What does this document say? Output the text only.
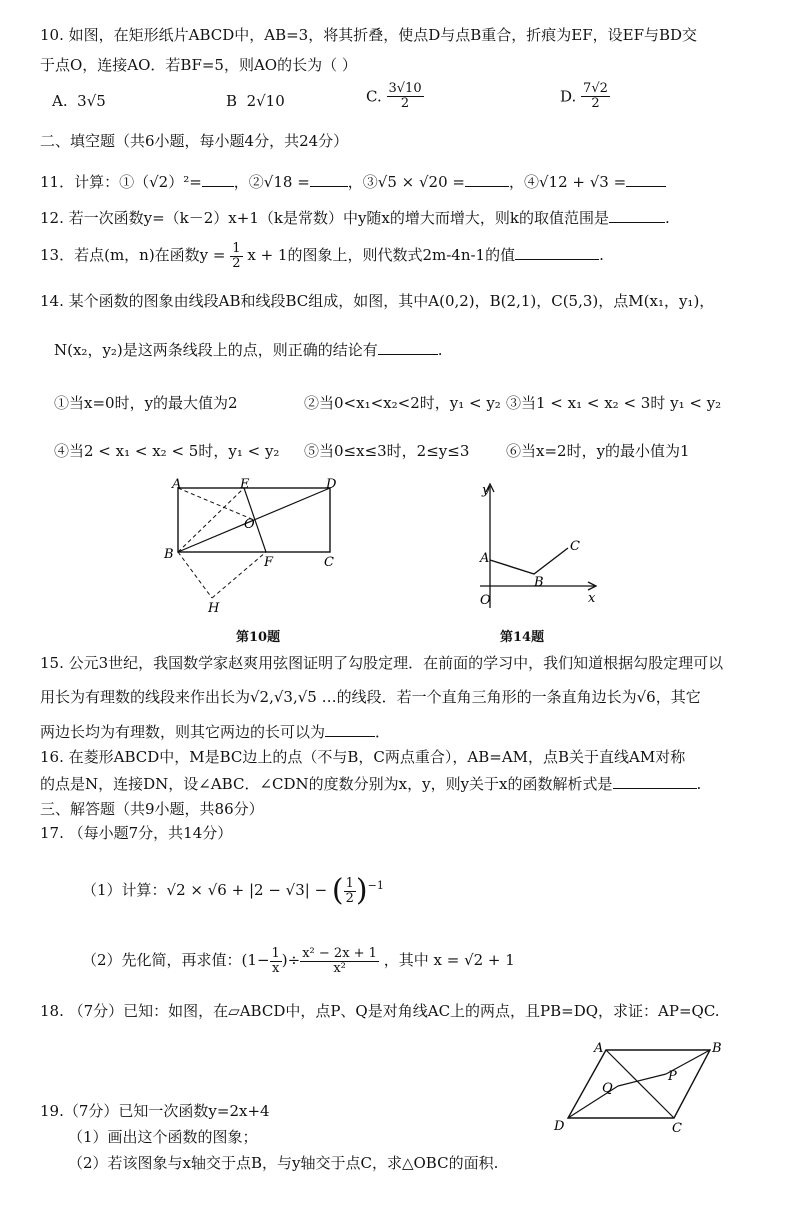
10. 如图，在矩形纸片ABCD中，AB=3，将其折叠，使点D与点B重合，折痕为EF，设EF与BD交
于点O，连接AO．若BF=5，则AO的长为（ ）
A. 3√5	B 2√10	C. $\frac{3√10}{2}$	D. $\frac{7√2}{2}$
二、填空题（共6小题，每小题4分，共24分）
11．计算：①（√2）²= ，②√18 =	，③√5 × √20 =	，④√12 + √3 =
12. 若一次函数y=（k－2）x+1（k是常数）中y随x的增大而增大，则k的取值范围是	.
13．若点(m，n)在函数$y = \frac{1}{2}$ x + 1的图象上，则代数式2m-4n-1的值	.
14. 某个函数的图象由线段AB和线段BC组成，如图，其中A(0,2)，B(2,1)，C(5,3)，点M(x₁，y₁)，
N(x₂，y₂)是这两条线段上的点，则正确的结论有	.
①当x=0时，y的最大值为2	②当0<x₁<x₂<2时，y₁ < y₂ ③当1 < x₁ < x₂ < 3时 y₁ < y₂
④当2 < x₁ < x₂ < 5时，y₁ < y₂ ⑤当0≤x≤3时，2≤y≤3 ⑥当x=2时，y的最小值为1
A	E	D
O
B
F	C
H
第10题
y
x
O
A
B
C
第14题
15. 公元3世纪，我国数学家赵爽用弦图证明了勾股定理．在前面的学习中，我们知道根据勾股定理可以
用长为有理数的线段来作出长为√2,√3,√5 …的线段．若一个直角三角形的一条直角边长为√6，其它
两边长均为有理数，则其它两边的长可以为	．
16. 在菱形ABCD中，M是BC边上的点（不与B，C两点重合），AB=AM，点B关于直线AM对称
的点是N，连接DN，设∠ABC．∠CDN的度数分别为x，y，则y关于x的函数解析式是	.
三、解答题（共9小题，共86分）
17. （每小题7分，共14分）
（1）计算：√2 × √6 + |2 − √3| − ( $\frac{1}{2} )^{-1}$
（2）先化简，再求值：($1- \frac{1}{x}$ )÷ $\frac{\text{x² − 2x + 1}}{\text{x²}}$ ，其中 x = √2 + 1
18. （7分）已知：如图，在▱ABCD中，点P、Q是对角线AC上的两点，且PB=DQ，求证：AP=QC.
A	B
C
D
P
Q
19.（7分）已知一次函数y=2x+4
（1）画出这个函数的图象；
（2）若该图象与x轴交于点B，与y轴交于点C，求△OBC的面积.
